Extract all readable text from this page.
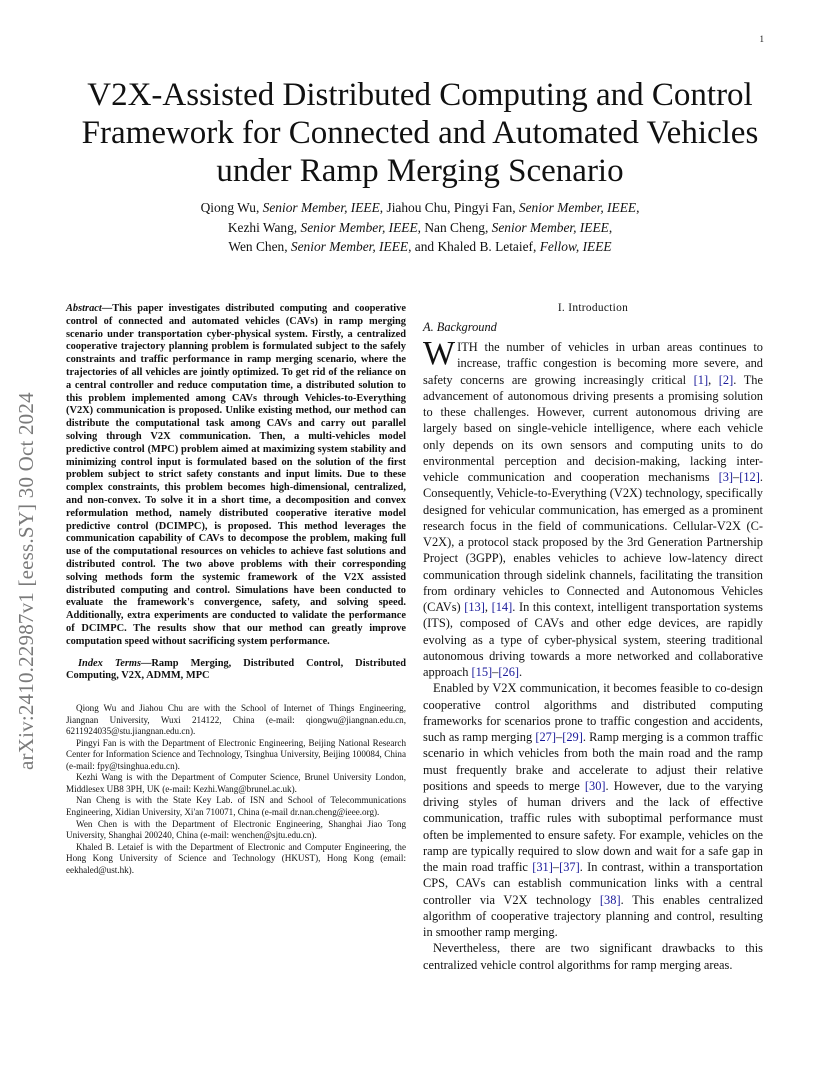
1
arXiv:2410.22987v1 [eess.SY] 30 Oct 2024
V2X-Assisted Distributed Computing and Control Framework for Connected and Automated Vehicles under Ramp Merging Scenario
Qiong Wu, Senior Member, IEEE, Jiahou Chu, Pingyi Fan, Senior Member, IEEE,
Kezhi Wang, Senior Member, IEEE, Nan Cheng, Senior Member, IEEE,
Wen Chen, Senior Member, IEEE, and Khaled B. Letaief, Fellow, IEEE

Abstract—This paper investigates distributed computing and cooperative control of connected and automated vehicles (CAVs) in ramp merging scenario under transportation cyber-physical system. Firstly, a centralized cooperative trajectory planning problem is formulated subject to the safely constraints and traffic performance in ramp merging scenario, where the trajectories of all vehicles are jointly optimized. To get rid of the reliance on a central controller and reduce computation time, a distributed solution to this problem implemented among CAVs through Vehicles-to-Everything (V2X) communication is proposed. Unlike existing method, our method can distribute the computational task among CAVs and carry out parallel solving through V2X communication. Then, a multi-vehicles model predictive control (MPC) problem aimed at maximizing system stability and minimizing control input is formulated based on the solution of the first problem subject to strict safety constants and input limits. Due to these complex constraints, this problem becomes high-dimensional, centralized, and non-convex. To solve it in a short time, a decomposition and convex reformulation method, namely distributed cooperative iterative model predictive control (DCIMPC), is proposed. This method leverages the communication capability of CAVs to decompose the problem, making full use of the computational resources on vehicles to achieve fast solutions and distributed control. The two above problems with their corresponding solving methods form the systemic framework of the V2X assisted distributed computing and control. Simulations have been conducted to evaluate the framework's convergence, safety, and solving speed. Additionally, extra experiments are conducted to validate the performance of DCIMPC. The results show that our method can greatly improve computation speed without sacrificing system performance.

Index Terms—Ramp Merging, Distributed Control, Distributed Computing, V2X, ADMM, MPC

Qiong Wu and Jiahou Chu are with the School of Internet of Things Engineering, Jiangnan University, Wuxi 214122, China (e-mail: qiongwu@jiangnan.edu.cn, 6211924035@stu.jiangnan.edu.cn).

Pingyi Fan is with the Department of Electronic Engineering, Beijing National Research Center for Information Science and Technology, Tsinghua University, Beijing 100084, China (e-mail: fpy@tsinghua.edu.cn).

Kezhi Wang is with the Department of Computer Science, Brunel University London, Middlesex UB8 3PH, UK (e-mail: Kezhi.Wang@brunel.ac.uk).

Nan Cheng is with the State Key Lab. of ISN and School of Telecommunications Engineering, Xidian University, Xi'an 710071, China (e-mail dr.nan.cheng@ieee.org).

Wen Chen is with the Department of Electronic Engineering, Shanghai Jiao Tong University, Shanghai 200240, China (e-mail: wenchen@sjtu.edu.cn).

Khaled B. Letaief is with the Department of Electronic and Computer Engineering, the Hong Kong University of Science and Technology (HKUST), Hong Kong (email: eekhaled@ust.hk).

I. Introduction
A. Background

WITH the number of vehicles in urban areas continues to increase, traffic congestion is becoming more severe, and safety concerns are growing increasingly critical [1], [2]. The advancement of autonomous driving presents a promising solution to these challenges. However, current autonomous driving are largely based on single-vehicle intelligence, where each vehicle only depends on its own sensors and computing units to do environmental perception and decision-making, lacking inter-vehicle communication and cooperation mechanisms [3]–[12]. Consequently, Vehicle-to-Everything (V2X) technology, specifically designed for vehicular communication, has emerged as a prominent research focus in the field of communications. Cellular-V2X (C-V2X), a protocol stack proposed by the 3rd Generation Partnership Project (3GPP), enables vehicles to achieve low-latency direct communication through sidelink channels, facilitating the transition from ordinary vehicles to Connected and Autonomous Vehicles (CAVs) [13], [14]. In this context, intelligent transportation systems (ITS), composed of CAVs and other edge devices, are rapidly evolving as a type of cyber-physical system, steering traditional autonomous driving towards a more networked and collaborative approach [15]–[26].

Enabled by V2X communication, it becomes feasible to co-design cooperative control algorithms and distributed computing frameworks for scenarios prone to traffic congestion and accidents, such as ramp merging [27]–[29]. Ramp merging is a common traffic scenario in which vehicles from both the main road and the ramp must frequently brake and accelerate to adjust their relative positions and speeds to merge [30]. However, due to the varying driving styles of human drivers and the lack of effective communication, traffic rules with suboptimal performance must often be implemented to ensure safety. For example, vehicles on the ramp are typically required to slow down and wait for a safe gap in the main road traffic [31]–[37]. In contrast, within a transportation CPS, CAVs can establish communication links with a central controller via V2X technology [38]. This enables centralized algorithm of cooperative trajectory planning and control, resulting in smoother ramp merging.

Nevertheless, there are two significant drawbacks to this centralized vehicle control algorithms for ramp merging areas.
